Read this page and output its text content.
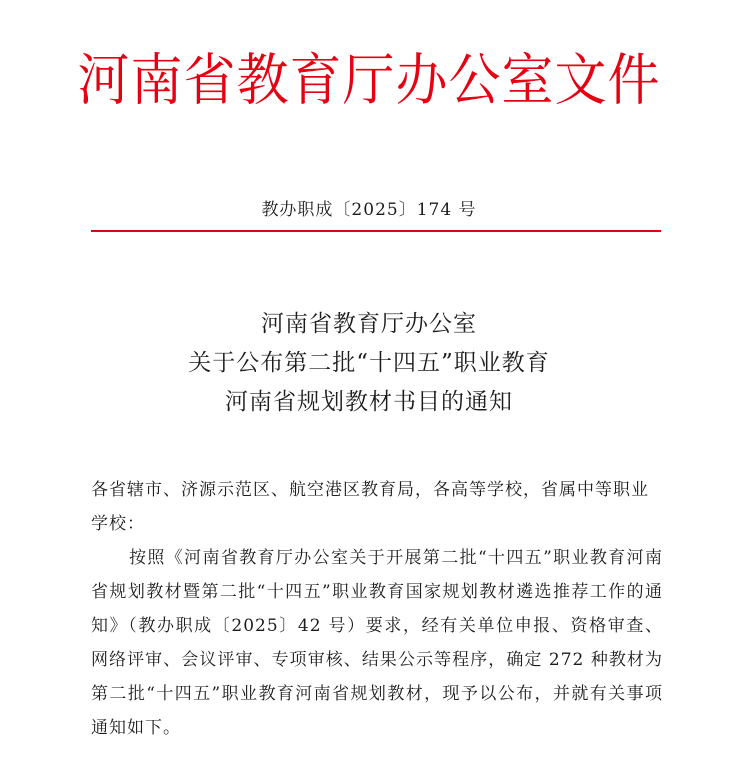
河南省教育厅办公室文件
教办职成〔2025〕174 号
河南省教育厅办公室
关于公布第二批“十四五”职业教育
河南省规划教材书目的通知

各省辖市、济源示范区、航空港区教育局，各高等学校，省属中等职业学校：

按照《河南省教育厅办公室关于开展第二批“十四五”职业教育河南省规划教材暨第二批“十四五”职业教育国家规划教材遴选推荐工作的通知》（教办职成〔2025〕42 号）要求，经有关单位申报、资格审查、网络评审、会议评审、专项审核、结果公示等程序，确定 272 种教材为第二批“十四五”职业教育河南省规划教材，现予以公布，并就有关事项通知如下。
